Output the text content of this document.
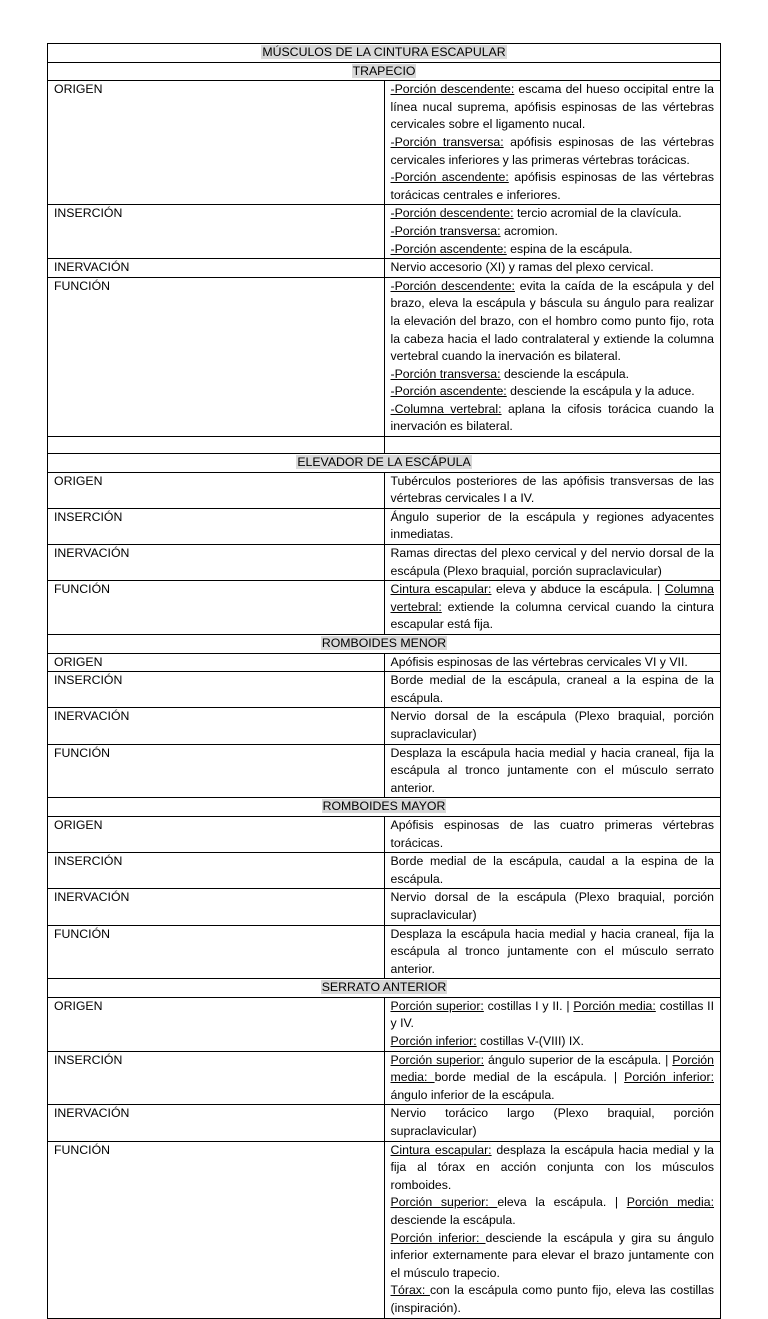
MÚSCULOS DE LA CINTURA ESCAPULAR	
TRAPECIO	
ORIGEN	-Porción descendente: escama del hueso occipital entre la línea nucal suprema, apófisis espinosas de las vértebras cervicales sobre el ligamento nucal.
-Porción transversa: apófisis espinosas de las vértebras cervicales inferiores y las primeras vértebras torácicas.
-Porción ascendente: apófisis espinosas de las vértebras torácicas centrales e inferiores.

INSERCIÓN	-Porción descendente: tercio acromial de la clavícula.
-Porción transversa: acromion.
-Porción ascendente: espina de la escápula.

INERVACIÓN	Nervio accesorio (XI) y ramas del plexo cervical.
FUNCIÓN	-Porción descendente: evita la caída de la escápula y del brazo, eleva la escápula y báscula su ángulo para realizar la elevación del brazo, con el hombro como punto fijo, rota la cabeza hacia el lado contralateral y extiende la columna vertebral cuando la inervación es bilateral.
-Porción transversa: desciende la escápula.
-Porción ascendente: desciende la escápula y la aduce.
-Columna vertebral: aplana la cifosis torácica cuando la inervación es bilateral.

ELEVADOR DE LA ESCÁPULA	
ORIGEN	Tubérculos posteriores de las apófisis transversas de las vértebras cervicales I a IV.
INSERCIÓN	Ángulo superior de la escápula y regiones adyacentes inmediatas.
INERVACIÓN	Ramas directas del plexo cervical y del nervio dorsal de la escápula (Plexo braquial, porción supraclavicular)
FUNCIÓN	Cintura escapular: eleva y abduce la escápula. | Columna vertebral: extiende la columna cervical cuando la cintura escapular está fija.
ROMBOIDES MENOR	
ORIGEN	Apófisis espinosas de las vértebras cervicales VI y VII.
INSERCIÓN	Borde medial de la escápula, craneal a la espina de la escápula.
INERVACIÓN	Nervio dorsal de la escápula (Plexo braquial, porción supraclavicular)
FUNCIÓN	Desplaza la escápula hacia medial y hacia craneal, fija la escápula al tronco juntamente con el músculo serrato anterior.
ROMBOIDES MAYOR	
ORIGEN	Apófisis espinosas de las cuatro primeras vértebras torácicas.
INSERCIÓN	Borde medial de la escápula, caudal a la espina de la escápula.
INERVACIÓN	Nervio dorsal de la escápula (Plexo braquial, porción supraclavicular)
FUNCIÓN	Desplaza la escápula hacia medial y hacia craneal, fija la escápula al tronco juntamente con el músculo serrato anterior.
SERRATO ANTERIOR	
ORIGEN	Porción superior: costillas I y II. | Porción media: costillas II y IV.
Porción inferior: costillas V-(VIII) IX.

INSERCIÓN	Porción superior: ángulo superior de la escápula. | Porción media: borde medial de la escápula. | Porción inferior: ángulo inferior de la escápula.
INERVACIÓN	Nervio torácico largo (Plexo braquial, porción supraclavicular)
FUNCIÓN	Cintura escapular: desplaza la escápula hacia medial y la fija al tórax en acción conjunta con los músculos romboides.
Porción superior: eleva la escápula. | Porción media: desciende la escápula.
Porción inferior: desciende la escápula y gira su ángulo inferior externamente para elevar el brazo juntamente con el músculo trapecio.
Tórax: con la escápula como punto fijo, eleva las costillas (inspiración).
